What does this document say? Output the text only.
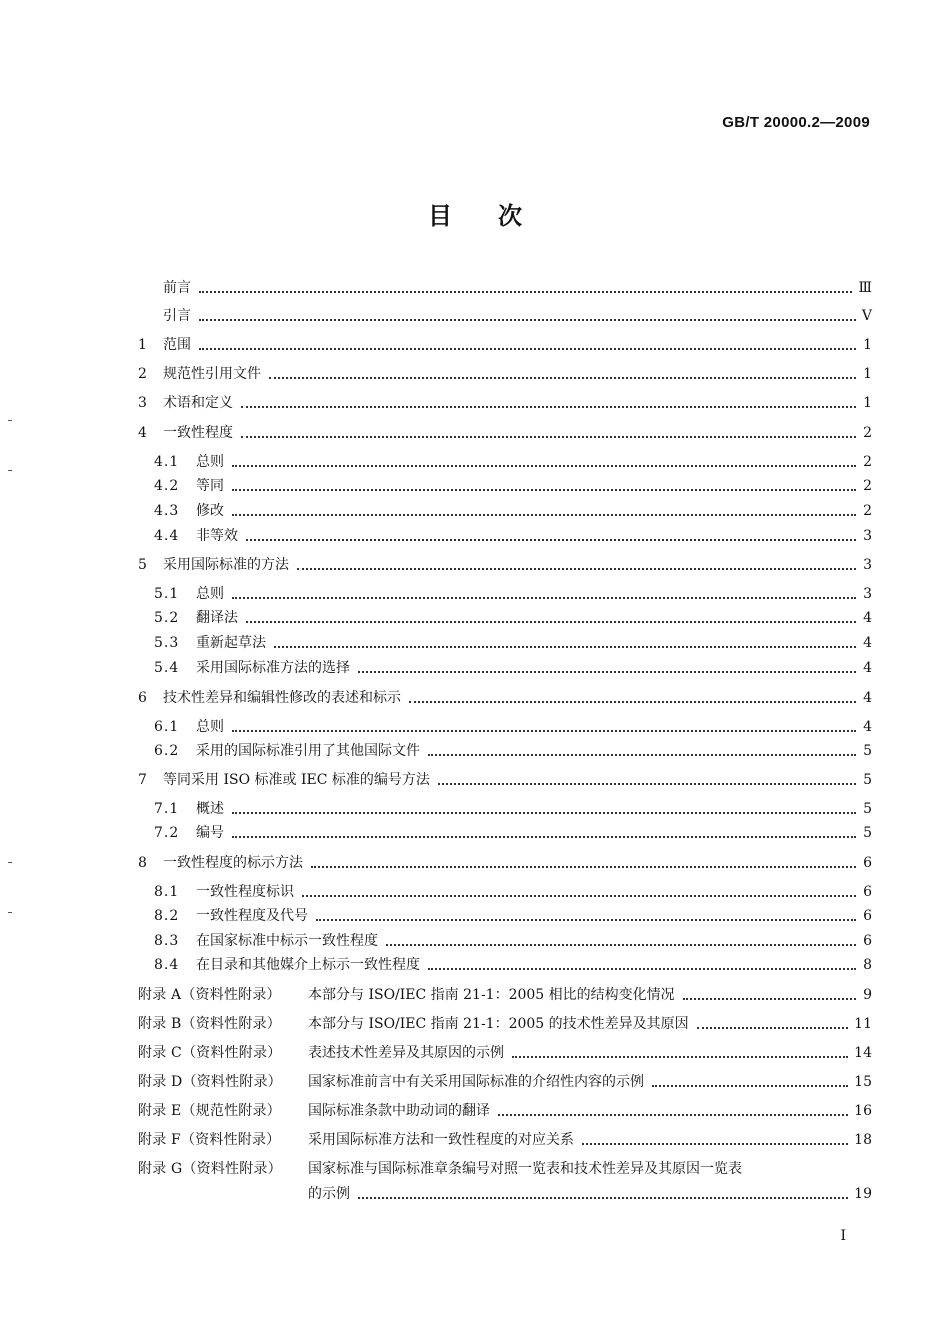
GB/T 20000.2—2009
目次
前言	Ⅲ
引言	Ⅴ
1	范围	1
2	规范性引用文件	1
3	术语和定义	1
4	一致性程度	2
4.1	总则	2
4.2	等同	2
4.3	修改	2
4.4	非等效	3
5	采用国际标准的方法	3
5.1	总则	3
5.2	翻译法	4
5.3	重新起草法	4
5.4	采用国际标准方法的选择	4
6	技术性差异和编辑性修改的表述和标示	4
6.1	总则	4
6.2	采用的国际标准引用了其他国际文件	5
7	等同采用 ISO 标准或 IEC 标准的编号方法	5
7.1	概述	5
7.2	编号	5
8	一致性程度的标示方法	6
8.1	一致性程度标识	6
8.2	一致性程度及代号	6
8.3	在国家标准中标示一致性程度	6
8.4	在目录和其他媒介上标示一致性程度	8
附录 A（资料性附录）	本部分与 ISO/IEC 指南 21-1：2005 相比的结构变化情况	9
附录 B（资料性附录）	本部分与 ISO/IEC 指南 21-1：2005 的技术性差异及其原因	11
附录 C（资料性附录）	表述技术性差异及其原因的示例	14
附录 D（资料性附录）	国家标准前言中有关采用国际标准的介绍性内容的示例	15
附录 E（规范性附录）	国际标准条款中助动词的翻译	16
附录 F（资料性附录）	采用国际标准方法和一致性程度的对应关系	18
附录 G（资料性附录）	国家标准与国际标准章条编号对照一览表和技术性差异及其原因一览表
的示例	19
Ⅰ
